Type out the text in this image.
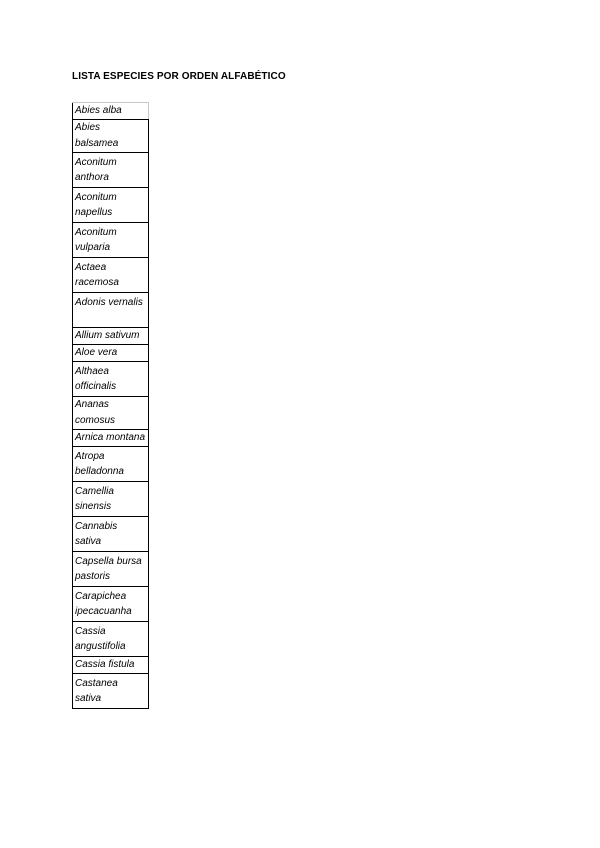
LISTA ESPECIES POR ORDEN ALFABÉTICO
Abies alba
Abies balsamea
Aconitum anthora
Aconitum napellus
Aconitum vulparia
Actaea racemosa
Adonis vernalis
Allium sativum
Aloe vera
Althaea officinalis
Ananas comosus
Arnica montana
Atropa belladonna
Camellia sinensis
Cannabis sativa
Capsella bursa pastoris
Carapichea ipecacuanha
Cassia angustifolia
Cassia fistula
Castanea sativa
